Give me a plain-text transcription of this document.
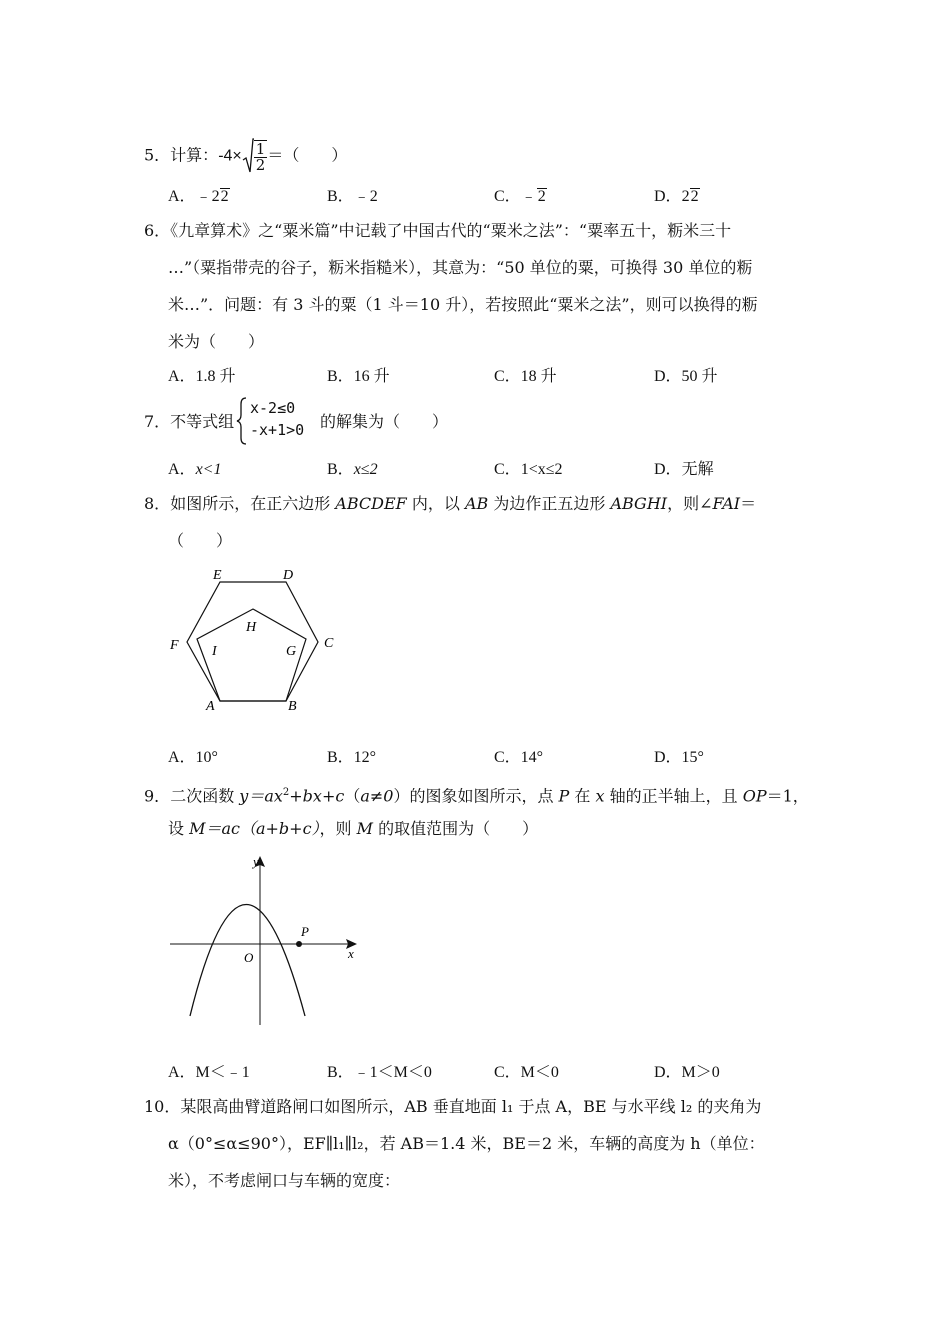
5．计算：$-4\times \frac{1}{2}$ ＝（　　）
A．﹣22	B．﹣2	C．﹣2	D．22
6．《九章算术》之“粟米篇”中记载了中国古代的“粟米之法”：“粟率五十，粝米三十
…”（粟指带壳的谷子，粝米指糙米），其意为：“50 单位的粟，可换得 30 单位的粝
米…”．问题：有 3 斗的粟（1 斗＝10 升），若按照此“粟米之法”，则可以换得的粝
米为（　　）
A．1.8 升	B．16 升	C．18 升	D．50 升
7．不等式组
x-2≤0
-x+1>0 的解集为（　　）
A．x<1	B．x≤2	C．1<x≤2	D．无解
8．如图所示，在正六边形 ABCDEF 内，以 AB 为边作正五边形 ABGHI，则∠FAI＝
（　　）
A	B
C
D
E
F	G
H
I
A．10°	B．12°	C．14°	D．15°
9．二次函数 $y=ax^2+bx+c(a\ne 0)$的图象如图所示，点 P 在 x 轴的正半轴上，且 OP＝1，
设 M＝ac（a+b+c），则 M 的取值范围为（　　）
y
x
O
P
A．M＜﹣1	B．﹣1＜M＜0	C．M＜0	D．M＞0
10．某限高曲臂道路闸口如图所示，AB 垂直地面 l₁ 于点 A，BE 与水平线 l₂ 的夹角为
α（0°≤α≤90°），EF∥l₁∥l₂，若 AB＝1.4 米，BE＝2 米，车辆的高度为 h（单位：
米），不考虑闸口与车辆的宽度：
